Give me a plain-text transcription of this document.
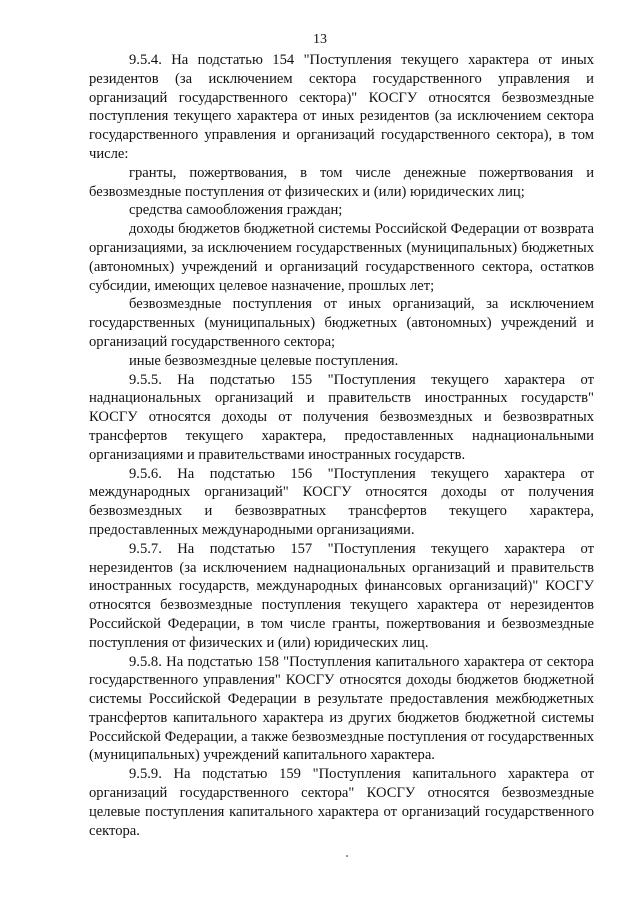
13

9.5.4. На подстатью 154 "Поступления текущего характера от иных резидентов (за исключением сектора государственного управления и организаций государственного сектора)" КОСГУ относятся безвозмездные поступления текущего характера от иных резидентов (за исключением сектора государственного управления и организаций государственного сектора), в том числе:

гранты, пожертвования, в том числе денежные пожертвования и безвозмездные поступления от физических и (или) юридических лиц;

средства самообложения граждан;

доходы бюджетов бюджетной системы Российской Федерации от возврата организациями, за исключением государственных (муниципальных) бюджетных (автономных) учреждений и организаций государственного сектора, остатков субсидии, имеющих целевое назначение, прошлых лет;

безвозмездные поступления от иных организаций, за исключением государственных (муниципальных) бюджетных (автономных) учреждений и организаций государственного сектора;

иные безвозмездные целевые поступления.

9.5.5. На подстатью 155 "Поступления текущего характера от наднациональных организаций и правительств иностранных государств" КОСГУ относятся доходы от получения безвозмездных и безвозвратных трансфертов текущего характера, предоставленных наднациональными организациями и правительствами иностранных государств.

9.5.6. На подстатью 156 "Поступления текущего характера от международных организаций" КОСГУ относятся доходы от получения безвозмездных и безвозвратных трансфертов текущего характера, предоставленных международными организациями.

9.5.7. На подстатью 157 "Поступления текущего характера от нерезидентов (за исключением наднациональных организаций и правительств иностранных государств, международных финансовых организаций)" КОСГУ относятся безвозмездные поступления текущего характера от нерезидентов Российской Федерации, в том числе гранты, пожертвования и безвозмездные поступления от физических и (или) юридических лиц.

9.5.8. На подстатью 158 "Поступления капитального характера от сектора государственного управления" КОСГУ относятся доходы бюджетов бюджетной системы Российской Федерации в результате предоставления межбюджетных трансфертов капитального характера из других бюджетов бюджетной системы Российской Федерации, а также безвозмездные поступления от государственных (муниципальных) учреждений капитального характера.

9.5.9. На подстатью 159 "Поступления капитального характера от организаций государственного сектора" КОСГУ относятся безвозмездные целевые поступления капитального характера от организаций государственного сектора.
